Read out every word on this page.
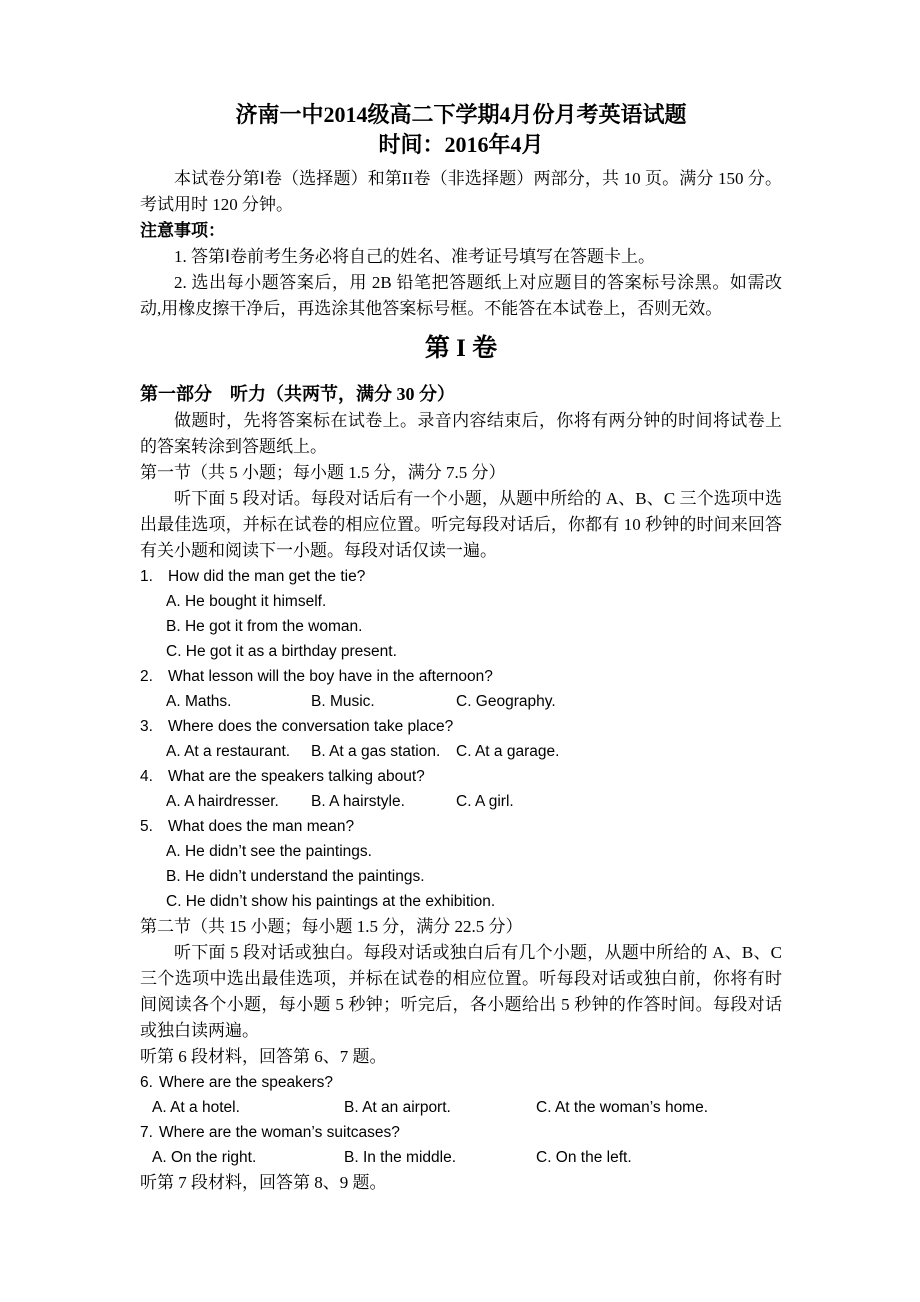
济南一中2014级高二下学期4月份月考英语试题
时间：2016年4月
本试卷分第Ⅰ卷（选择题）和第II卷（非选择题）两部分，共 10 页。满分 150 分。考试用时 120 分钟。
注意事项：
1. 答第Ⅰ卷前考生务必将自己的姓名、准考证号填写在答题卡上。
2. 选出每小题答案后，用 2B 铅笔把答题纸上对应题目的答案标号涂黑。如需改动,用橡皮擦干净后，再选涂其他答案标号框。不能答在本试卷上，否则无效。
第 I 卷
第一部分　听力（共两节，满分 30 分）
做题时，先将答案标在试卷上。录音内容结束后，你将有两分钟的时间将试卷上的答案转涂到答题纸上。
第一节（共 5 小题；每小题 1.5 分，满分 7.5 分）
听下面 5 段对话。每段对话后有一个小题，从题中所给的 A、B、C 三个选项中选出最佳选项，并标在试卷的相应位置。听完每段对话后，你都有 10 秒钟的时间来回答有关小题和阅读下一小题。每段对话仅读一遍。
1. How did the man get the tie?
A. He bought it himself.
B. He got it from the woman.
C. He got it as a birthday present.
2. What lesson will the boy have in the afternoon?
A. Maths.	B. Music.	C. Geography.
3. Where does the conversation take place?
A. At a restaurant. B. At a gas station. C. At a garage.
4. What are the speakers talking about?
A. A hairdresser. B. A hairstyle.	C. A girl.
5. What does the man mean?
A. He didn’t see the paintings.
B. He didn’t understand the paintings.
C. He didn’t show his paintings at the exhibition.
第二节（共 15 小题；每小题 1.5 分，满分 22.5 分）
听下面 5 段对话或独白。每段对话或独白后有几个小题，从题中所给的 A、B、C 三个选项中选出最佳选项，并标在试卷的相应位置。听每段对话或独白前，你将有时间阅读各个小题，每小题 5 秒钟；听完后，各小题给出 5 秒钟的作答时间。每段对话或独白读两遍。
听第 6 段材料，回答第 6、7 题。
6. Where are the speakers?
A. At a hotel.	B. At an airport.	C. At the woman’s home.
7. Where are the woman’s suitcases?
A. On the right.	B. In the middle.	C. On the left.
听第 7 段材料，回答第 8、9 题。
